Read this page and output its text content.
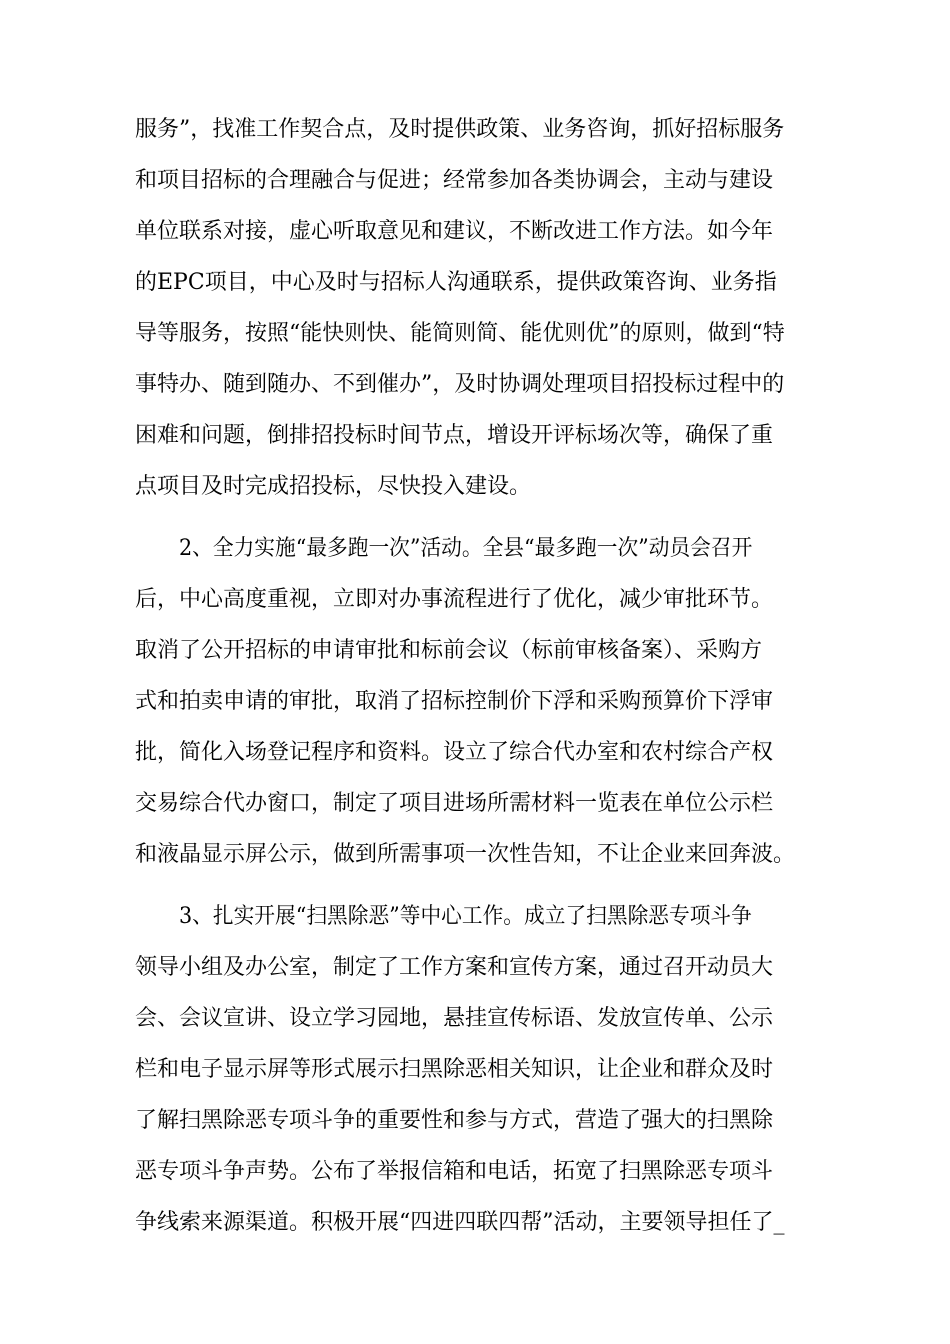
服务”，找准工作契合点，及时提供政策、业务咨询，抓好招标服务
和项目招标的合理融合与促进；经常参加各类协调会，主动与建设
单位联系对接，虚心听取意见和建议，不断改进工作方法。如今年
的EPC项目，中心及时与招标人沟通联系，提供政策咨询、业务指
导等服务，按照“能快则快、能简则简、能优则优”的原则，做到“特
事特办、随到随办、不到催办”，及时协调处理项目招投标过程中的
困难和问题，倒排招投标时间节点，增设开评标场次等，确保了重
点项目及时完成招投标，尽快投入建设。
2、全力实施“最多跑一次”活动。全县“最多跑一次”动员会召开
后，中心高度重视，立即对办事流程进行了优化，减少审批环节。
取消了公开招标的申请审批和标前会议（标前审核备案）、采购方
式和拍卖申请的审批，取消了招标控制价下浮和采购预算价下浮审
批，简化入场登记程序和资料。设立了综合代办室和农村综合产权
交易综合代办窗口，制定了项目进场所需材料一览表在单位公示栏
和液晶显示屏公示，做到所需事项一次性告知，不让企业来回奔波。
3、扎实开展“扫黑除恶”等中心工作。成立了扫黑除恶专项斗争
领导小组及办公室，制定了工作方案和宣传方案，通过召开动员大
会、会议宣讲、设立学习园地，悬挂宣传标语、发放宣传单、公示
栏和电子显示屏等形式展示扫黑除恶相关知识，让企业和群众及时
了解扫黑除恶专项斗争的重要性和参与方式，营造了强大的扫黑除
恶专项斗争声势。公布了举报信箱和电话，拓宽了扫黑除恶专项斗
争线索来源渠道。积极开展“四进四联四帮”活动，主要领导担任了_
